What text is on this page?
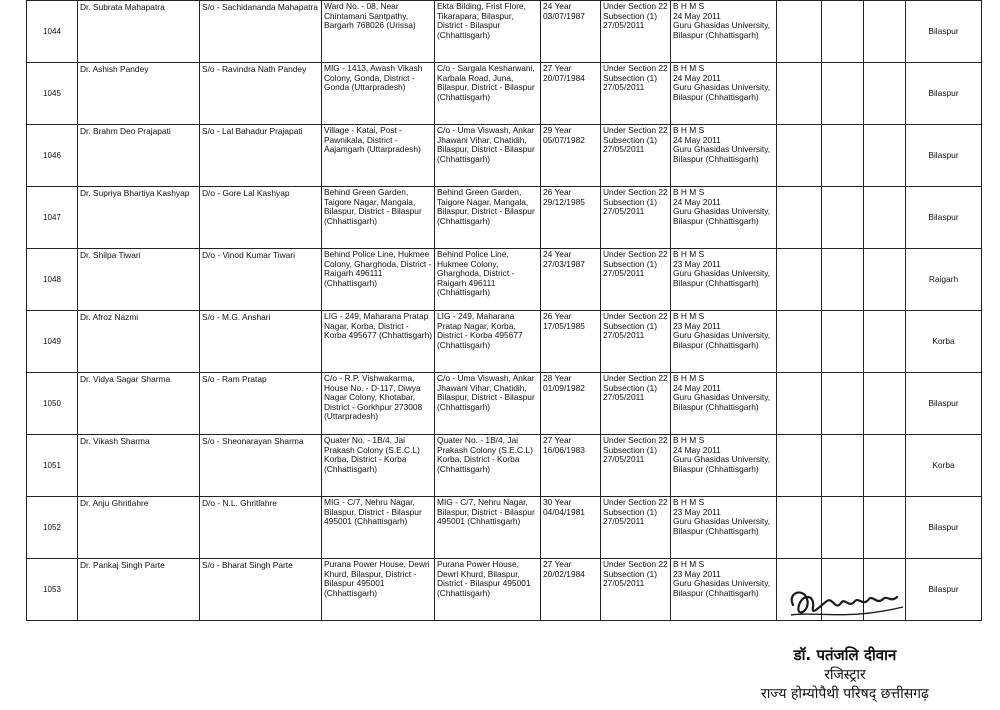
1044	Dr. Subrata Mahapatra	S/o - Sachidananda Mahapatra	Ward No. - 08, Near Chintamani Santpathy, Bargarh 768026 (Urissa)	Ekta Bilding, Frist Flore, Tikarapara, Bilaspur, District - Bilaspur (Chhattisgarh)	24 Year
03/07/1987	Under Section 22
Subsection (1)
27/05/2011	B H M S
24 May 2011
Guru Ghasidas University, Bilaspur (Chhattisgarh)				Bilaspur
1045	Dr. Ashish Pandey	S/o - Ravindra Nath Pandey	MIG - 1413, Awash Vikash Colony, Gonda, District - Gonda (Uttarpradesh)	C/o - Sargala Kesharwani, Karbala Road, Juna, Bilaspur, District - Bilaspur (Chhattisgarh)	27 Year
20/07/1984	Under Section 22
Subsection (1)
27/05/2011	B H M S
24 May 2011
Guru Ghasidas University, Bilaspur (Chhattisgarh)				Bilaspur
1046	Dr. Brahm Deo Prajapati	S/o - Lal Bahadur Prajapati	Village - Katai, Post - Pawnikala, District - Aajamgarh (Uttarpradesh)	C/o - Uma Viswash, Ankar Jhawani Vihar, Chatidih, Bilaspur, District - Bilaspur (Chhattisgarh)	29 Year
05/07/1982	Under Section 22
Subsection (1)
27/05/2011	B H M S
24 May 2011
Guru Ghasidas University, Bilaspur (Chhattisgarh)				Bilaspur
1047	Dr. Supriya Bhartiya Kashyap	D/o - Gore Lal Kashyap	Behind Green Garden, Taigore Nagar, Mangala, Bilaspur, District - Bilaspur (Chhattisgarh)	Behind Green Garden, Taigore Nagar, Mangala, Bilaspur, District - Bilaspur (Chhattisgarh)	26 Year
29/12/1985	Under Section 22
Subsection (1)
27/05/2011	B H M S
24 May 2011
Guru Ghasidas University, Bilaspur (Chhattisgarh)				Bilaspur
1048	Dr. Shilpa Tiwari	D/o - Vinod Kumar Tiwari	Behind Police Line, Hukmee Colony, Gharghoda, District - Raigarh 496111 (Chhattisgarh)	Behind Police Line, Hukmee Colony, Gharghoda, District - Raigarh 496111 (Chhattisgarh)	24 Year
27/03/1987	Under Section 22
Subsection (1)
27/05/2011	B H M S
23 May 2011
Guru Ghasidas University, Bilaspur (Chhattisgarh)				Raigarh
1049	Dr. Afroz Nazmi	S/o - M.G. Anshari	LIG - 249, Maharana Pratap Nagar, Korba, District - Korba 495677 (Chhattisgarh)	LIG - 249, Maharana Pratap Nagar, Korba, District - Korba 495677 (Chhattisgarh)	26 Year
17/05/1985	Under Section 22
Subsection (1)
27/05/2011	B H M S
23 May 2011
Guru Ghasidas University, Bilaspur (Chhattisgarh)				Korba
1050	Dr. Vidya Sagar Sharma	S/o - Ram Pratap	C/o - R.P. Vishwakarma, House No. - D-117, Diwya Nagar Colony, Khotabar, District - Gorkhpur 273008 (Uttarpradesh)	C/o - Uma Viswash, Ankar Jhawani Vihar, Chatidih, Bilaspur, District - Bilaspur (Chhattisgarh)	28 Year
01/09/1982	Under Section 22
Subsection (1)
27/05/2011	B H M S
24 May 2011
Guru Ghasidas University, Bilaspur (Chhattisgarh)				Bilaspur
1051	Dr. Vikash Sharma	S/o - Sheonarayan Sharma	Quater No. - 1B/4, Jai Prakash Colony (S.E.C.L) Korba, District - Korba (Chhattisgarh)	Quater No. - 1B/4, Jai Prakash Colony (S.E.C.L) Korba, District - Korba (Chhattisgarh)	27 Year
16/06/1983	Under Section 22
Subsection (1)
27/05/2011	B H M S
24 May 2011
Guru Ghasidas University, Bilaspur (Chhattisgarh)				Korba
1052	Dr. Anju Ghritlahre	D/o - N.L. Ghritlahre	MIG - C/7, Nehru Nagar, Bilaspur, District - Bilaspur 495001 (Chhattisgarh)	MIG - C/7, Nehru Nagar, Bilaspur, District - Bilaspur 495001 (Chhattisgarh)	30 Year
04/04/1981	Under Section 22
Subsection (1)
27/05/2011	B H M S
23 May 2011
Guru Ghasidas University, Bilaspur (Chhattisgarh)				Bilaspur
1053	Dr. Pankaj Singh Parte	S/o - Bharat Singh Parte	Purana Power House, Dewri Khurd, Bilaspur, District - Bilaspur 495001 (Chhattisgarh)	Purana Power House, Dewri Khurd, Bilaspur, District - Bilaspur 495001 (Chhattisgarh)	27 Year
20/02/1984	Under Section 22
Subsection (1)
27/05/2011	B H M S
23 May 2011
Guru Ghasidas University, Bilaspur (Chhattisgarh)				Bilaspur
डॉ. पतंजलि दीवान
रजिस्ट्रार
राज्य होम्योपैथी परिषद् छत्तीसगढ़
